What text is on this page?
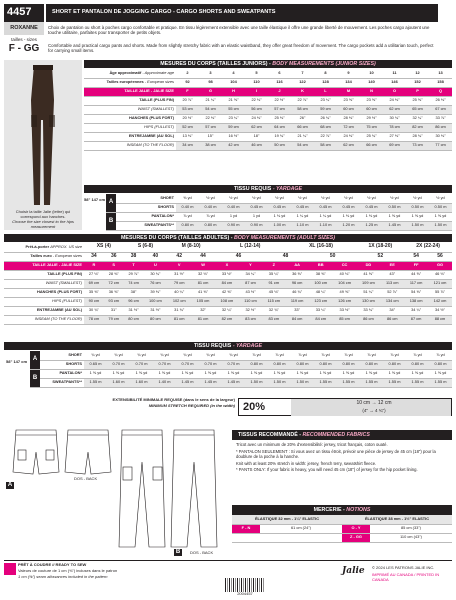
4457
ROXANNE
tailles - sizes
F - GG
SHORT ET PANTALON DE JOGGING CARGO - CARGO SHORTS AND SWEATPANTS
Choix de pantalon ou short à poches cargo confortable et pratique. En tissu légèrement extensible avec une taille élastique il offre une grande liberté de mouvement. Les poches cargo ajoutent une touche utilitaire, parfaites pour transporter de petits objets.
Comfortable and practical cargo pants and shorts. Made from slightly stretchy fabric with an elastic waistband, they offer great freedom of movement. The cargo pockets add a utilitarian touch, perfect for carrying small items.
Choisir la taille Jalie (lettre) qui correspond aux hanches.
Choose the size closest to the hips measurement
MESURES DU CORPS (TAILLES JUNIORS) - BODY MEASUREMENTS (JUNIOR SIZES)
Âge approximatif - Approximate age	2	3	4	5	6	7	8	9	10	11	12	13
Tailles européennes - European sizes	92	98	104	110	116	122	128	134	140	146	152	158
TAILLE JALIE - JALIE SIZE	F	G	H	I	J	K	L	M	N	O	P	Q
TAILLE (PLUS FIN)	20 ⅞"	21 ¼"	21 ⅝"	22 ⅛"	22 ½"	22 ⅞"	23 ¼"	23 ⅝"	23 ⅝"	24 ⅜"	25 ⅝"	26 ⅜"
WAIST (SMALLEST)	53 cm	54 cm	55 cm	56 cm	57 cm	58 cm	59 cm	60 cm	60 cm	62 cm	65 cm	67 cm
HANCHES (PLUS FORT)	20 ½"	22 ⅜"	23 ¼"	24 ⅜"	25 ⅜"	26"	26 ¾"	28 ⅜"	29 ½"	30 ¾"	32 ¼"	33 ⅞"
HIPS (FULLEST)	52 cm	57 cm	59 cm	62 cm	64 cm	66 cm	68 cm	72 cm	75 cm	78 cm	82 cm	86 cm
ENTREJAMBE (AU SOL)	13 ⅜"	15"	16 ½"	18"	19 ¾"	21 ¼"	22 ⅞"	24 ⅜"	25 ¾"	27 ⅜"	28 ¾"	30 ⅜"
INSEAM (TO THE FLOOR)	34 cm	38 cm	42 cm	46 cm	50 cm	54 cm	58 cm	62 cm	66 cm	69 cm	73 cm	77 cm
TISSU REQUIS - YARDAGE
58" 147 cm A	SHORT	⅜ yd	½ yd	½ yd	½ yd	½ yd	½ yd	½ yd	½ yd	½ yd	½ yd	½ yd	½ yd
	SHORTS	0.40 m	0.40 m	0.40 m	0.45 m	0.45 m	0.45 m	0.45 m	0.45 m	0.45 m	0.50 m	0.50 m	0.50 m
B	PANTALON*	⅞ yd	⅞ yd	1 yd	1 yd	1 ⅛ yd	1 ¼ yd	1 ¼ yd	1 ⅜ yd	1 ⅜ yd	1 ⅝ yd	1 ⅝ yd	1 ⅝ yd
	SWEATPANTS**	0.80 m	0.80 m	0.90 m	0.90 m	1.00 m	1.10 m	1.10 m	1.20 m	1.25 m	1.45 m	1.50 m	1.50 m
MESURES DU CORPS (TAILLES ADULTES) - BODY MEASUREMENTS (ADULT SIZES)
Prêt-à-porter APPROX. US size	XS (4)		S (6-8)		M (8-10)		L (12-14)			XL (16-18)			1X (18-20)		2X (22-24)	
Tailles euro - European sizes	34	36	38	40	42	44	46		48		50		52		54	56
TAILLE JALIE - JALIE SIZE	R	S	T	U	V	W	X	Y	Z	AA	BB	CC	DD	EE	FF	GG
TAILLE (PLUS FIN)	27 ⅛"	28 ⅜"	29 ⅞"	30 ¾"	31 ½"	32 ⅛"	33 ½"	34 ¼"	35 ¼"	36 ⅝"	38 ⅝"	40 ⅛"	41 ⅝"	43"	44 ⅝"	46 ⅛"
WAIST (SMALLEST)	69 cm	72 cm	74 cm	76 cm	79 cm	81 cm	84 cm	87 cm	91 cm	96 cm	100 cm	104 cm	109 cm	113 cm	117 cm	121 cm
HANCHES (PLUS FORT)	35 ⅜"	36 ⅝"	38"	39 ⅜"	40 ¼"	41 ⅜"	42 ⅜"	43 ½"	45 ⅛"	46 ¾"	48 ¼"	49 ⅝"	51 ¼"	52 ⅞"	54 ⅜"	55 ⅞"
HIPS (FULLEST)	90 cm	93 cm	96 cm	100 cm	102 cm	105 cm	108 cm	110 cm	115 cm	119 cm	123 cm	126 cm	130 cm	134 cm	138 cm	142 cm
ENTREJAMBE (AU SOL)	30 ¾"	31"	31 ½"	31 ½"	31 ¾"	32"	32 ¼"	32 ½"	32 ¾"	33"	33 ¼"	33 ½"	33 ¾"	34"	34 ¼"	34 ½"
INSEAM (TO THE FLOOR)	78 cm	79 cm	80 cm	80 cm	81 cm	81 cm	82 cm	83 cm	83 cm	84 cm	84 cm	85 cm	86 cm	86 cm	87 cm	88 cm
TISSU REQUIS - YARDAGE
58" 147 cm A	SHORT	¾ yd	¾ yd	¾ yd	¾ yd	¾ yd	¾ yd	¾ yd	⅞ yd	⅞ yd	⅞ yd	⅞ yd	⅞ yd	⅞ yd	⅞ yd	⅞ yd	⅞ yd
	SHORTS	0.65 m	0.70 m	0.70 m	0.70 m	0.70 m	0.70 m	0.70 m	0.80 m	0.80 m	0.80 m	0.80 m	0.80 m	0.80 m	0.80 m	0.80 m	0.80 m
B	PANTALON*	1 ⅝ yd	1 ⅝ yd	1 ⅝ yd	1 ⅝ yd	1 ⅝ yd	1 ⅝ yd	1 ⅝ yd	1 ⅝ yd	1 ⅝ yd	1 ⅝ yd	1 ⅝ yd	1 ⅝ yd	1 ⅝ yd	1 ⅝ yd	1 ⅝ yd	1 ⅝ yd
	SWEATPANTS**	1.55 m	1.60 m	1.60 m	1.40 m	1.45 m	1.45 m	1.45 m	1.50 m	1.50 m	1.50 m	1.55 m	1.55 m	1.55 m	1.55 m	1.55 m	1.55 m
EXTENSIBILITÉ MINIMALE REQUISE (dans le sens de la largeur)
MINIMUM STRETCH REQUIRED (in the width) 20%	10 cm → 12 cm
(4" → 4 ¾")
A
DOS - BACK
B	DOS - BACK
TISSUS RECOMMANDÉ - RECOMMENDED FABRICS

Tricot avec un minimum de 20% d'extensibilité: jersey, tricot français, coton ouaté.

* PANTALON SEULEMENT : Si vous avez un tissu étroit, prévoir une pièce de jersey de 45 cm (18") pour la doublure de la poche à la hanche.

Knit with at least 20% stretch in width: jersey, french terry, sweatshirt fleece.

* PANTS ONLY: If your fabric is heavy, you will need 45 cm (18") of jersey for the hip pocket lining.

MERCERIE - NOTIONS
ÉLASTIQUE 32 mm - 1¼" ELASTIC		ÉLASTIQUE 38 mm - 1½" ELASTIC	
F - N	61 cm (24")	O - Y	85 cm (33")
		Z - GG	110 cm (43")
PRÊT À COUDRE // READY TO SEW
Valeurs de couture de 1 cm (⅜") incluses dans le patron
1 cm (⅜") seam allowances included in the pattern
2004457
Jalie © 2024 LES PATRONS JALIE INC.
IMPRIMÉ AU CANADA / PRINTED IN CANADA
